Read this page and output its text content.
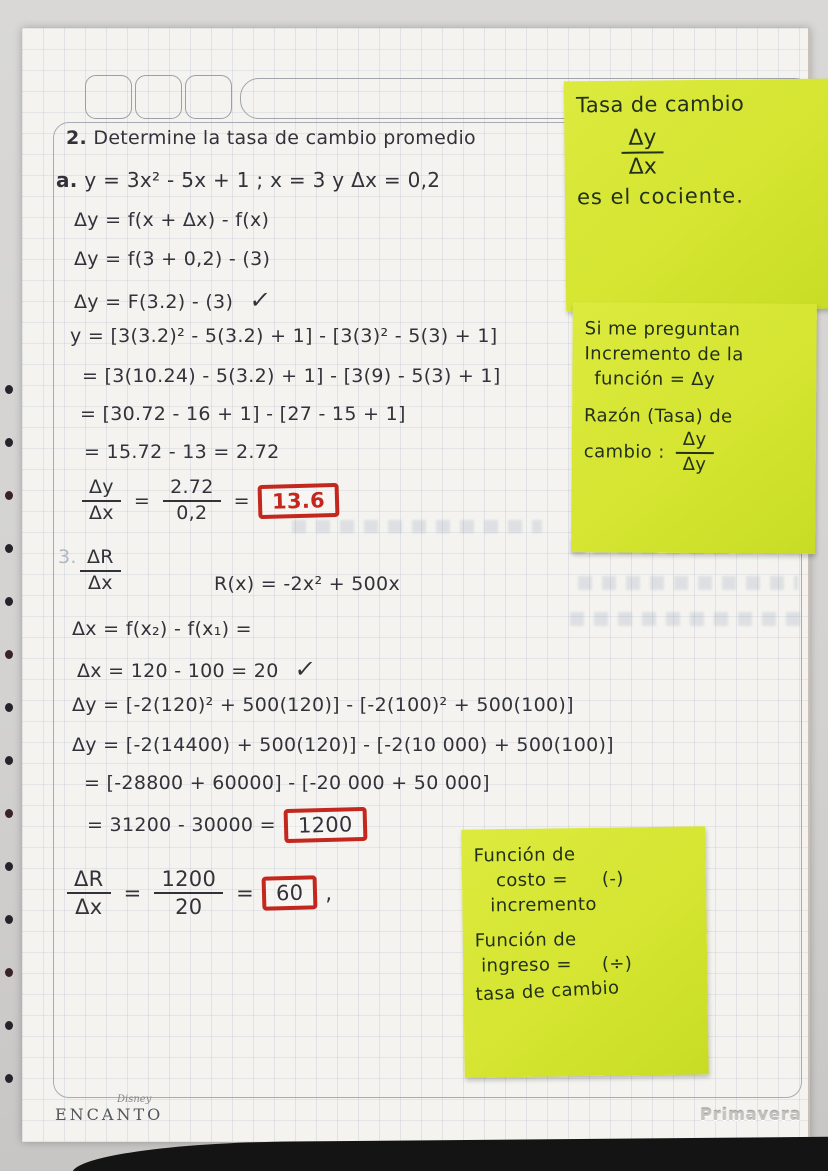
2. Determine la tasa de cambio promedio
a. y = 3x² - 5x + 1 ; x = 3 y Δx = 0,2
Δy = f(x + Δx) - f(x)
Δy = f(3 + 0,2) - (3)
Δy = F(3.2) - (3) ✓
y = [3(3.2)² - 5(3.2) + 1] - [3(3)² - 5(3) + 1]
= [3(10.24) - 5(3.2) + 1] - [3(9) - 5(3) + 1]
= [30.72 - 16 + 1] - [27 - 15 + 1]
= 15.72 - 13 = 2.72
$\frac{\Delta y}{\Delta x} = \frac{2.72}{0,2}$ =	13.6
3. $\frac{\Delta R}{\Delta x}$	R(x) = -2x² + 500x
Δx = f(x₂) - f(x₁) =
Δx = 120 - 100 = 20 ✓
Δy = [-2(120)² + 500(120)] - [-2(100)² + 500(100)]
Δy = [-2(14400) + 500(120)] - [-2(10 000) + 500(100)]
= [-28800 + 60000] - [-20 000 + 50 000]
= 31200 - 30000 =	1200
$\frac{\Delta R}{\Delta x} = \frac{1200}{20}$ =	60	,
Tasa de cambio
$\frac{\Delta y}{\Delta x}$
es el cociente.
Si me preguntan
Incremento de la
función = Δy
Razón (Tasa) de
cambio : $\frac{\Delta y}{\Delta y}$
Función de
costo = (-)
incremento
Función de
ingreso = (÷)
tasa de cambio
Disney
ENCANTO	Primavera
